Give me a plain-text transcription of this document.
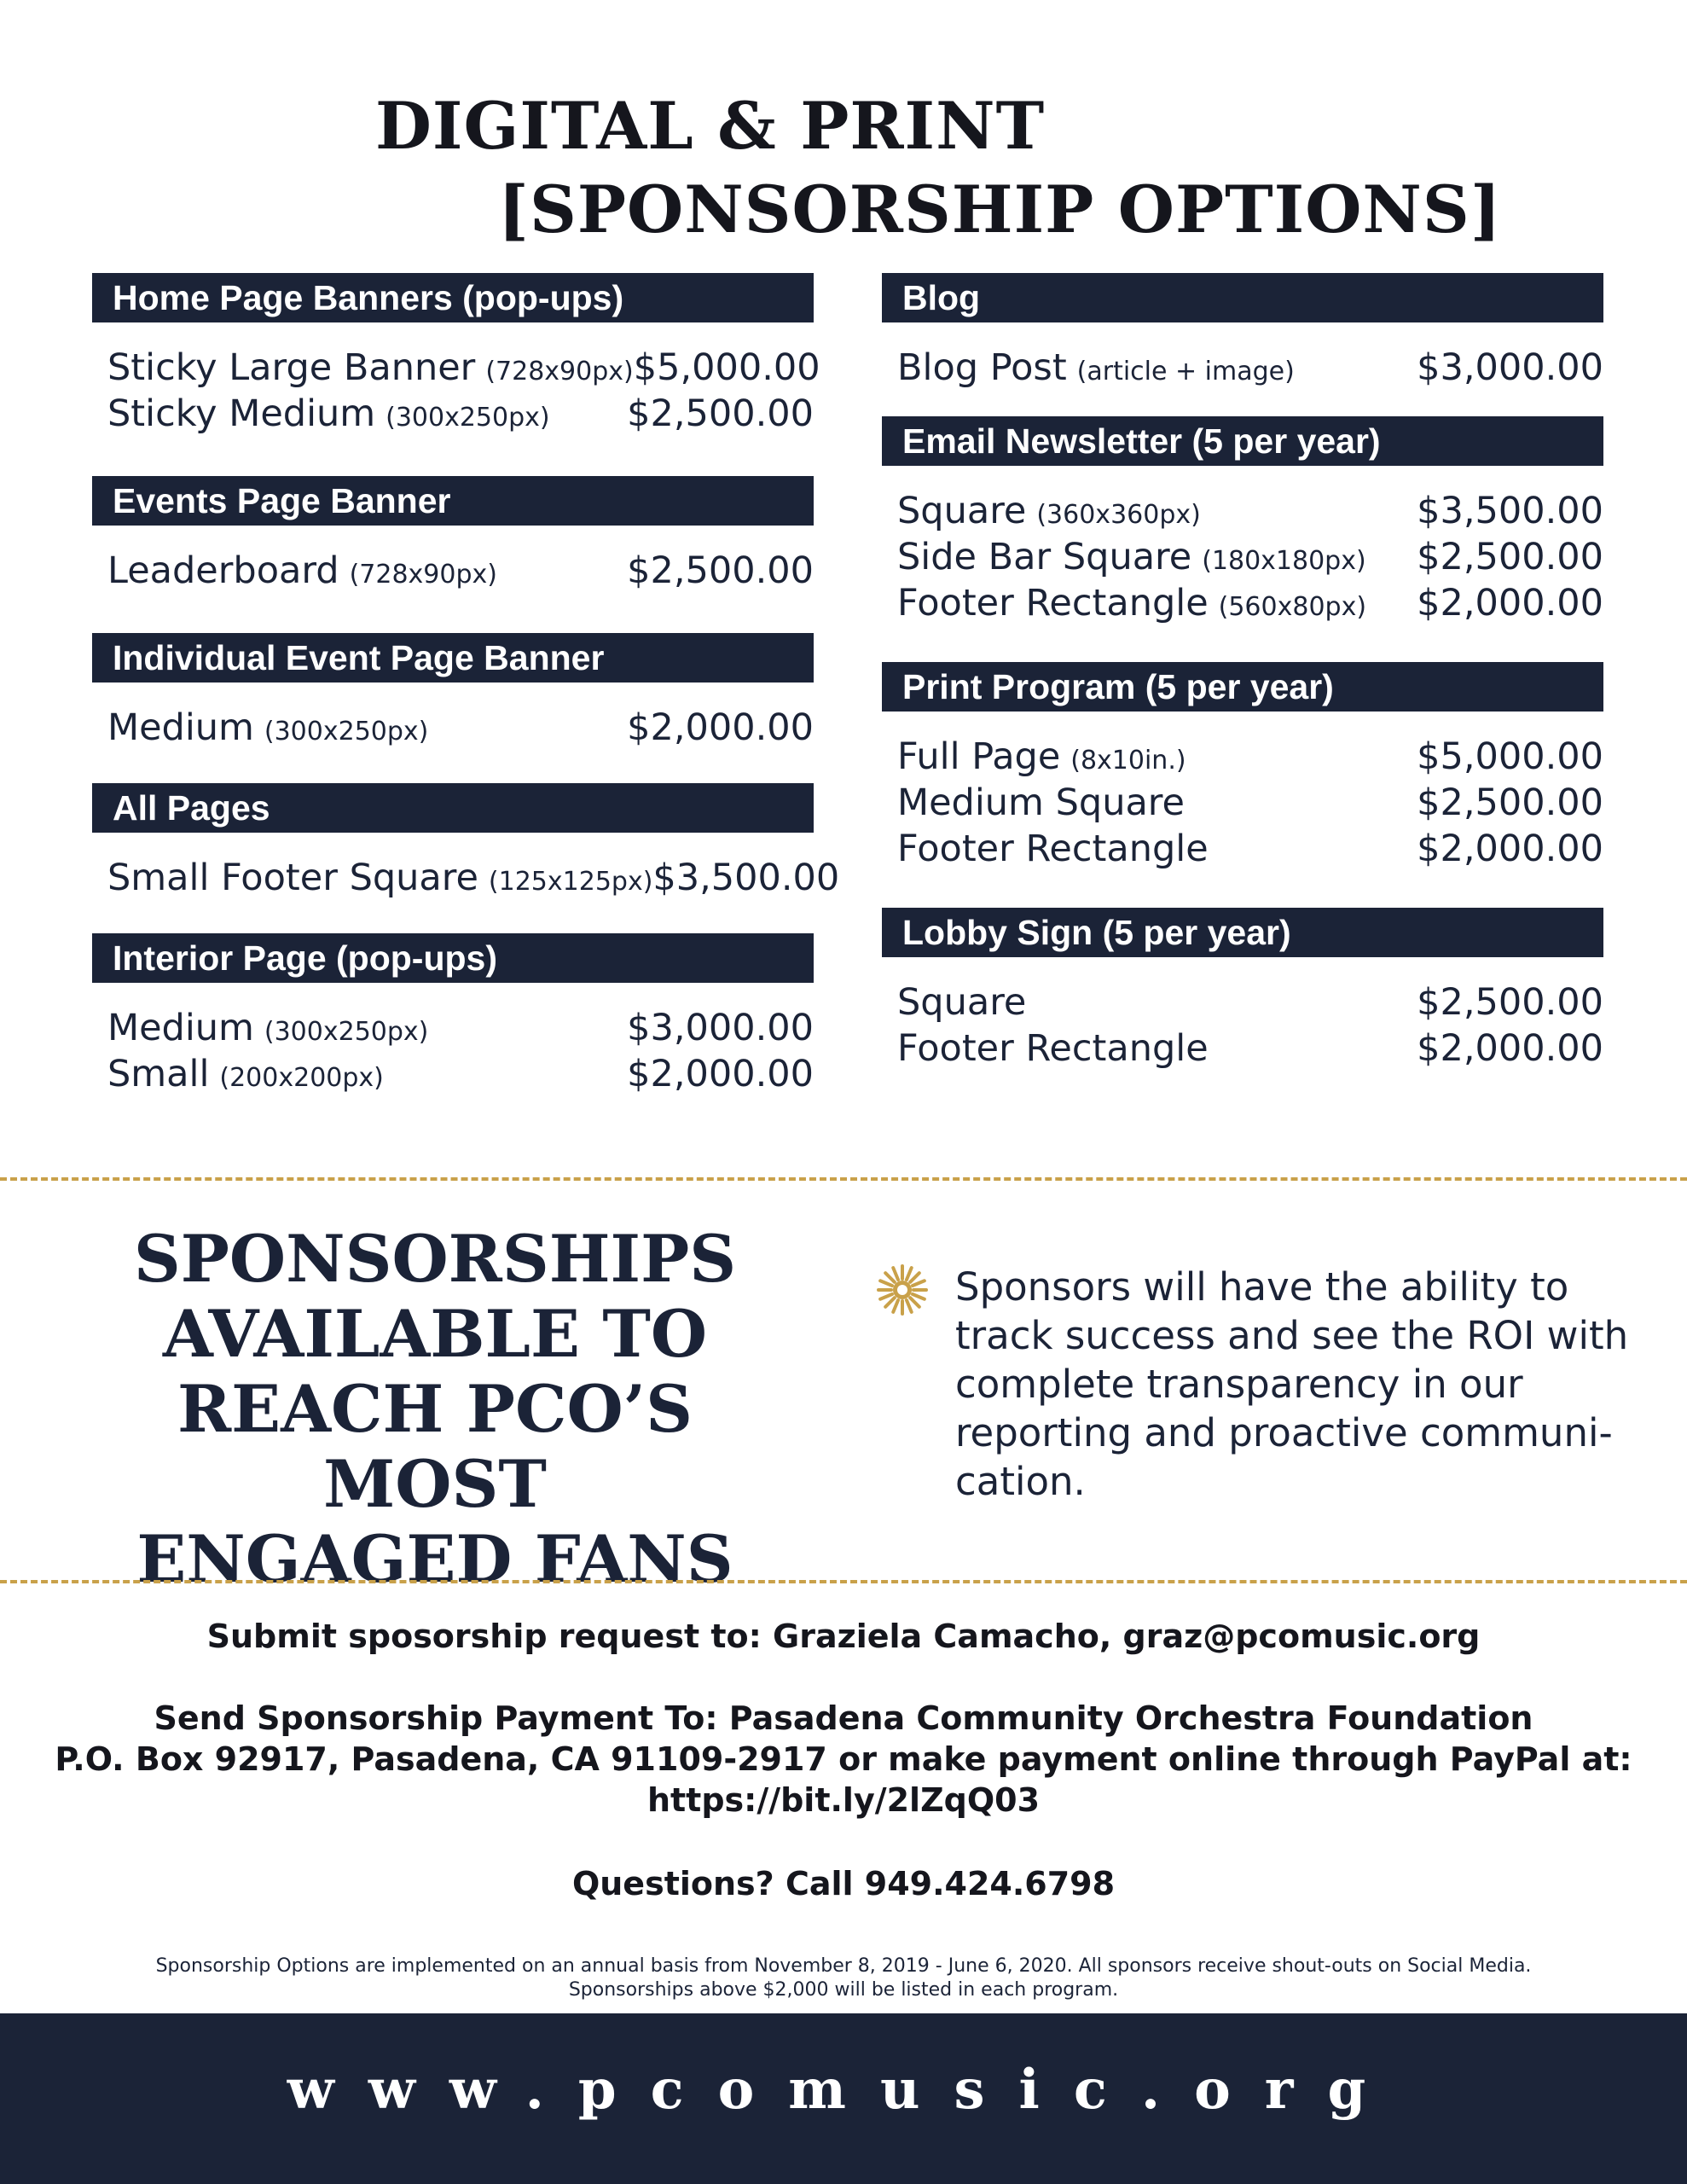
DIGITAL & PRINT
[SPONSORSHIP OPTIONS]
Home Page Banners (pop-ups)
Sticky Large Banner (728x90px) $5,000.00
Sticky Medium (300x250px) $2,500.00
Events Page Banner
Leaderboard (728x90px)	$2,500.00
Individual Event Page Banner
Medium (300x250px)	$2,000.00
All Pages
Small Footer Square (125x125px) $3,500.00
Interior Page (pop-ups)
Medium (300x250px)	$3,000.00
Small (200x200px)	$2,000.00
Blog
Blog Post (article + image)	$3,000.00
Email Newsletter (5 per year)
Square (360x360px)	$3,500.00
Side Bar Square (180x180px) $2,500.00
Footer Rectangle (560x80px) $2,000.00
Print Program (5 per year)
Full Page (8x10in.)	$5,000.00
Medium Square	$2,500.00
Footer Rectangle	$2,000.00
Lobby Sign (5 per year)
Square	$2,500.00
Footer Rectangle	$2,000.00
SPONSORSHIPS
AVAILABLE TO
REACH PCO’S MOST
ENGAGED FANS
Sponsors will have the ability to
track success and see the ROI with
complete transparency in our
reporting and proactive communi-
cation.
Submit sposorship request to: Graziela Camacho, graz@pcomusic.org
Send Sponsorship Payment To: Pasadena Community Orchestra Foundation
P.O. Box 92917, Pasadena, CA 91109-2917 or make payment online through PayPal at:
https://bit.ly/2lZqQ03
Questions? Call 949.424.6798
Sponsorship Options are implemented on an annual basis from November 8, 2019 - June 6, 2020. All sponsors receive shout-outs on Social Media.
Sponsorships above $2,000 will be listed in each program.
www.pcomusic.org
